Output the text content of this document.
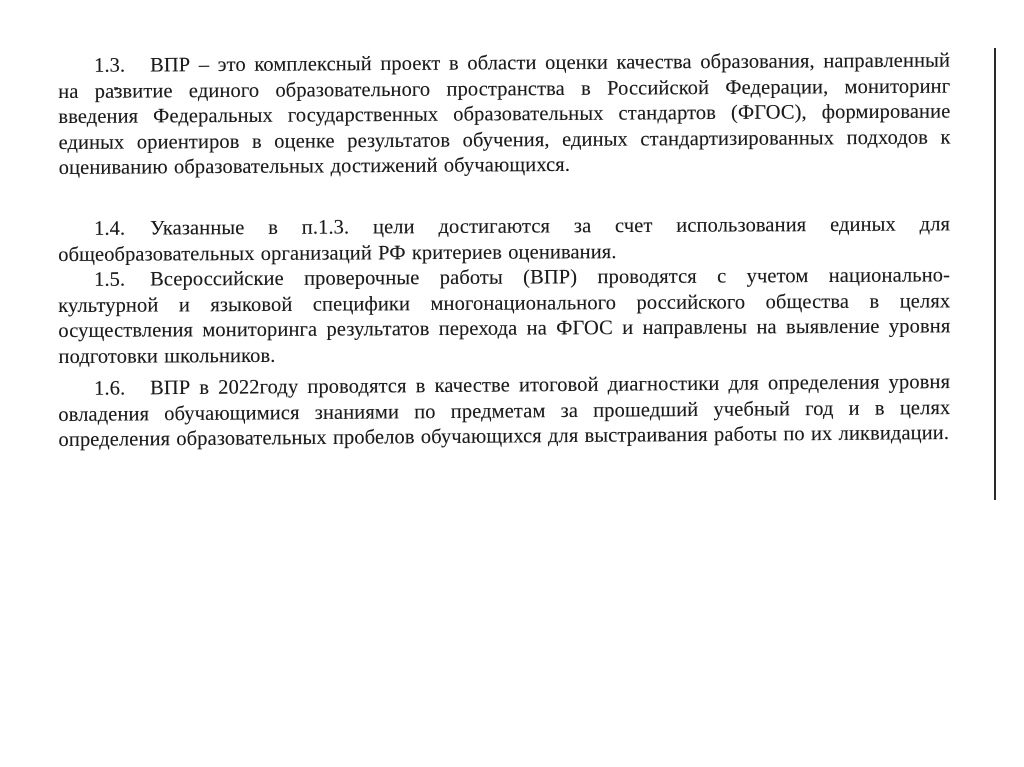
1.3. ВПР – это комплексный проект в области оценки качества образования, направленный на развитие единого образовательного пространства в Российской Федерации, мониторинг введения Федеральных государственных образовательных стандартов (ФГОС), формирование единых ориентиров в оценке результатов обучения, единых стандартизированных подходов к оцениванию образовательных достижений обучающихся.

1.4. Указанные в п.1.3. цели достигаются за счет использования единых для общеобразовательных организаций РФ критериев оценивания.

1.5. Всероссийские проверочные работы (ВПР) проводятся с учетом национально-культурной и языковой специфики многонационального российского общества в целях осуществления мониторинга результатов перехода на ФГОС и направлены на выявление уровня подготовки школьников.

1.6. ВПР в 2022году проводятся в качестве итоговой диагностики для определения уровня овладения обучающимися знаниями по предметам за прошедший учебный год и в целях определения образовательных пробелов обучающихся для выстраивания работы по их ликвидации.
